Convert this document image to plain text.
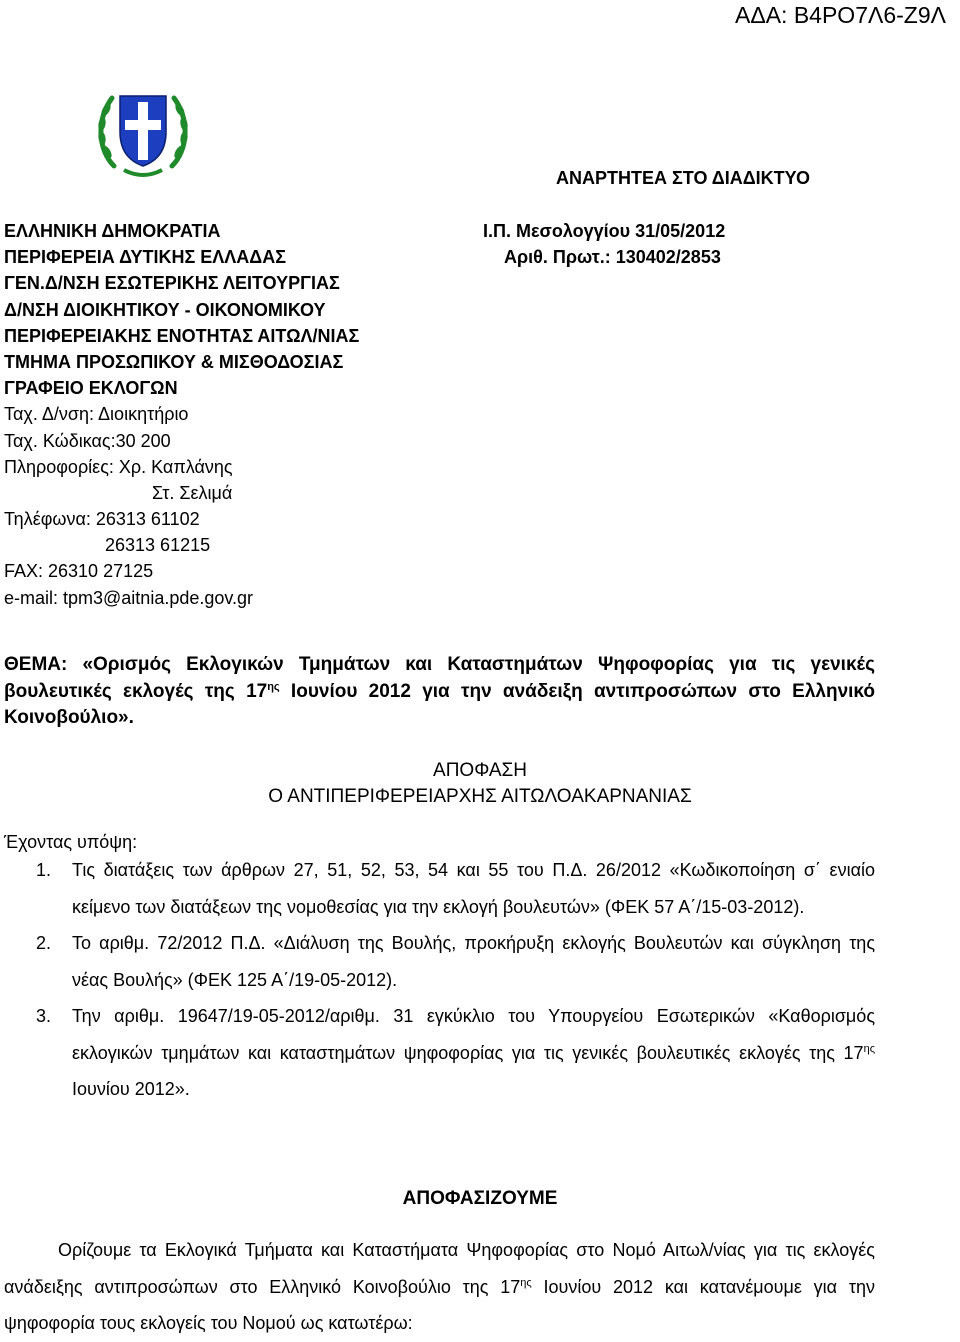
ΑΔΑ: Β4ΡΟ7Λ6-Ζ9Λ
ΑΝΑΡΤΗΤΕΑ ΣΤΟ ΔΙΑΔΙΚΤΥΟ
ΕΛΛΗΝΙΚΗ ΔΗΜΟΚΡΑΤΙΑ
ΠΕΡΙΦΕΡΕΙΑ ΔΥΤΙΚΗΣ ΕΛΛΑΔΑΣ
ΓΕΝ.Δ/ΝΣΗ ΕΣΩΤΕΡΙΚΗΣ ΛΕΙΤΟΥΡΓΙΑΣ
Δ/ΝΣΗ ΔΙΟΙΚΗΤΙΚΟΥ - ΟΙΚΟΝΟΜΙΚΟΥ
ΠΕΡΙΦΕΡΕΙΑΚΗΣ ΕΝΟΤΗΤΑΣ ΑΙΤΩΛ/ΝΙΑΣ
ΤΜΗΜΑ ΠΡΟΣΩΠΙΚΟΥ & ΜΙΣΘΟΔΟΣΙΑΣ
ΓΡΑΦΕΙΟ ΕΚΛΟΓΩΝ
Ταχ. Δ/νση: Διοικητήριο
Ταχ. Κώδικας:30 200
Πληροφορίες: Χρ. Καπλάνης
Στ. Σελιμά
Τηλέφωνα: 26313 61102
26313 61215
FAX: 26310 27125
e-mail: tpm3@aitnia.pde.gov.gr
Ι.Π. Μεσολογγίου 31/05/2012
Αριθ. Πρωτ.: 130402/2853
ΘΕΜΑ: «Ορισμός Εκλογικών Τμημάτων και Καταστημάτων Ψηφοφορίας για τις γενικές βουλευτικές εκλογές της $17^{\eta\varsigma}$ Ιουνίου 2012 για την ανάδειξη αντιπροσώπων στο Ελληνικό Κοινοβούλιο».
ΑΠΟΦΑΣΗ
Ο ΑΝΤΙΠΕΡΙΦΕΡΕΙΑΡΧΗΣ ΑΙΤΩΛΟΑΚΑΡΝΑΝΙΑΣ
Έχοντας υπόψη:
1. Τις διατάξεις των άρθρων 27, 51, 52, 53, 54 και 55 του Π.Δ. 26/2012 «Κωδικοποίηση σ΄ ενιαίο κείμενο των διατάξεων της νομοθεσίας για την εκλογή βουλευτών» (ΦΕΚ 57 Α΄/15-03-2012).
2. Το αριθμ. 72/2012 Π.Δ. «Διάλυση της Βουλής, προκήρυξη εκλογής Βουλευτών και σύγκληση της νέας Βουλής» (ΦΕΚ 125 Α΄/19-05-2012).
3. Την αριθμ. 19647/19-05-2012/αριθμ. 31 εγκύκλιο του Υπουργείου Εσωτερικών «Καθορισμός εκλογικών τμημάτων και καταστημάτων ψηφοφορίας για τις γενικές βουλευτικές εκλογές της $17^{\eta\varsigma}$ Ιουνίου 2012».
ΑΠΟΦΑΣΙΖΟΥΜΕ
Ορίζουμε τα Εκλογικά Τμήματα και Καταστήματα Ψηφοφορίας στο Νομό Αιτωλ/νίας για τις εκλογές ανάδειξης αντιπροσώπων στο Ελληνικό Κοινοβούλιο της $17^{\eta\varsigma}$ Ιουνίου 2012 και κατανέμουμε για την ψηφοφορία τους εκλογείς του Νομού ως κατωτέρω:
